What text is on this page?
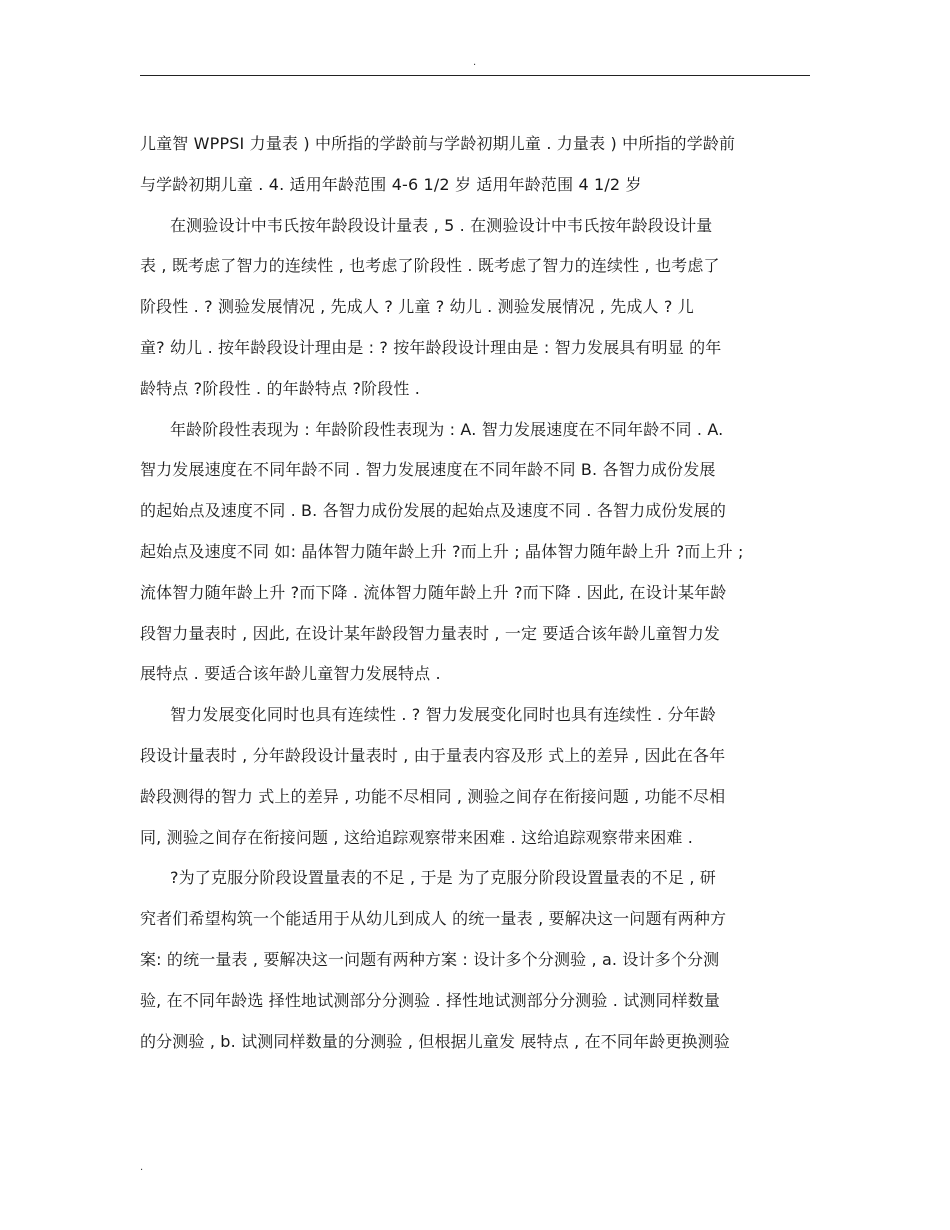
.
儿童智 WPPSI 力量表 ) 中所指的学龄前与学龄初期儿童 . 力量表 ) 中所指的学龄前
与学龄初期儿童 . 4. 适用年龄范围 4-6 1/2 岁 适用年龄范围 4 1/2 岁
在测验设计中韦氏按年龄段设计量表 , 5 . 在测验设计中韦氏按年龄段设计量
表 , 既考虑了智力的连续性 , 也考虑了阶段性 . 既考虑了智力的连续性 , 也考虑了
阶段性 . ? 测验发展情况 , 先成人 ? 儿童 ? 幼儿 . 测验发展情况 , 先成人 ? 儿
童? 幼儿 . 按年龄段设计理由是 : ? 按年龄段设计理由是 : 智力发展具有明显 的年
龄特点 ?阶段性 . 的年龄特点 ?阶段性 .
年龄阶段性表现为 : 年龄阶段性表现为 : A. 智力发展速度在不同年龄不同 . A.
智力发展速度在不同年龄不同 . 智力发展速度在不同年龄不同 B. 各智力成份发展
的起始点及速度不同 . B. 各智力成份发展的起始点及速度不同 . 各智力成份发展的
起始点及速度不同 如: 晶体智力随年龄上升 ?而上升 ; 晶体智力随年龄上升 ?而上升 ;
流体智力随年龄上升 ?而下降 . 流体智力随年龄上升 ?而下降 . 因此, 在设计某年龄
段智力量表时 , 因此, 在设计某年龄段智力量表时 , 一定 要适合该年龄儿童智力发
展特点 . 要适合该年龄儿童智力发展特点 .
智力发展变化同时也具有连续性 . ? 智力发展变化同时也具有连续性 . 分年龄
段设计量表时 , 分年龄段设计量表时 , 由于量表内容及形 式上的差异 , 因此在各年
龄段测得的智力 式上的差异 , 功能不尽相同 , 测验之间存在衔接问题 , 功能不尽相
同, 测验之间存在衔接问题 , 这给追踪观察带来困难 . 这给追踪观察带来困难 .
?为了克服分阶段设置量表的不足 , 于是 为了克服分阶段设置量表的不足 , 研
究者们希望构筑一个能适用于从幼儿到成人 的统一量表 , 要解决这一问题有两种方
案: 的统一量表 , 要解决这一问题有两种方案 : 设计多个分测验 , a. 设计多个分测
验, 在不同年龄选 择性地试测部分分测验 . 择性地试测部分分测验 . 试测同样数量
的分测验 , b. 试测同样数量的分测验 , 但根据儿童发 展特点 , 在不同年龄更换测验
.
